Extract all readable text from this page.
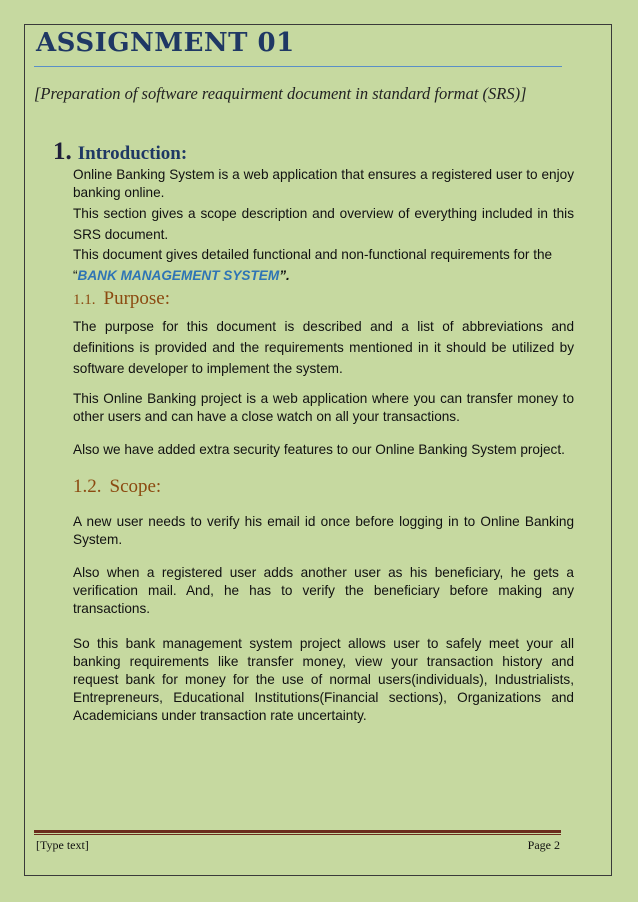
ASSIGNMENT 01
[Preparation of software reaquirment document in standard format (SRS)]
1. Introduction:
Online Banking System is a web application that ensures a registered user to enjoy banking online.
This section gives a scope description and overview of everything included in this SRS document.
This document gives detailed functional and non-functional requirements for the
“BANK MANAGEMENT SYSTEM”.
1.1. Purpose:
The purpose for this document is described and a list of abbreviations and definitions is provided and the requirements mentioned in it should be utilized by software developer to implement the system.
This Online Banking project is a web application where you can transfer money to other users and can have a close watch on all your transactions.
Also we have added extra security features to our Online Banking System project.
1.2. Scope:
A new user needs to verify his email id once before logging in to Online Banking System.
Also when a registered user adds another user as his beneficiary, he gets a verification mail. And, he has to verify the beneficiary before making any transactions.
So this bank management system project allows user to safely meet your all banking requirements like transfer money, view your transaction history and request bank for money for the use of normal users(individuals), Industrialists, Entrepreneurs, Educational Institutions(Financial sections), Organizations and Academicians under transaction rate uncertainty.
[Type text]	Page 2
